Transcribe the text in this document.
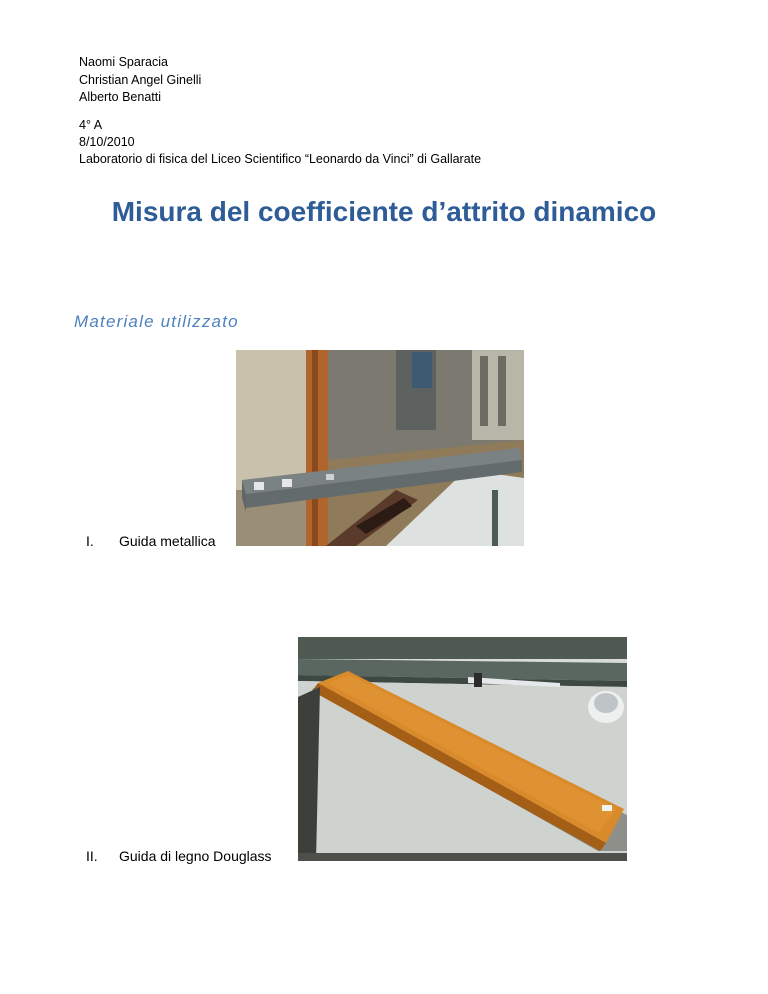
Naomi Sparacia
Christian Angel Ginelli
Alberto Benatti
4° A
8/10/2010
Laboratorio di fisica del Liceo Scientifico “Leonardo da Vinci” di Gallarate
Misura del coefficiente d’attrito dinamico
Materiale utilizzato
I. Guida metallica
II. Guida di legno Douglass
